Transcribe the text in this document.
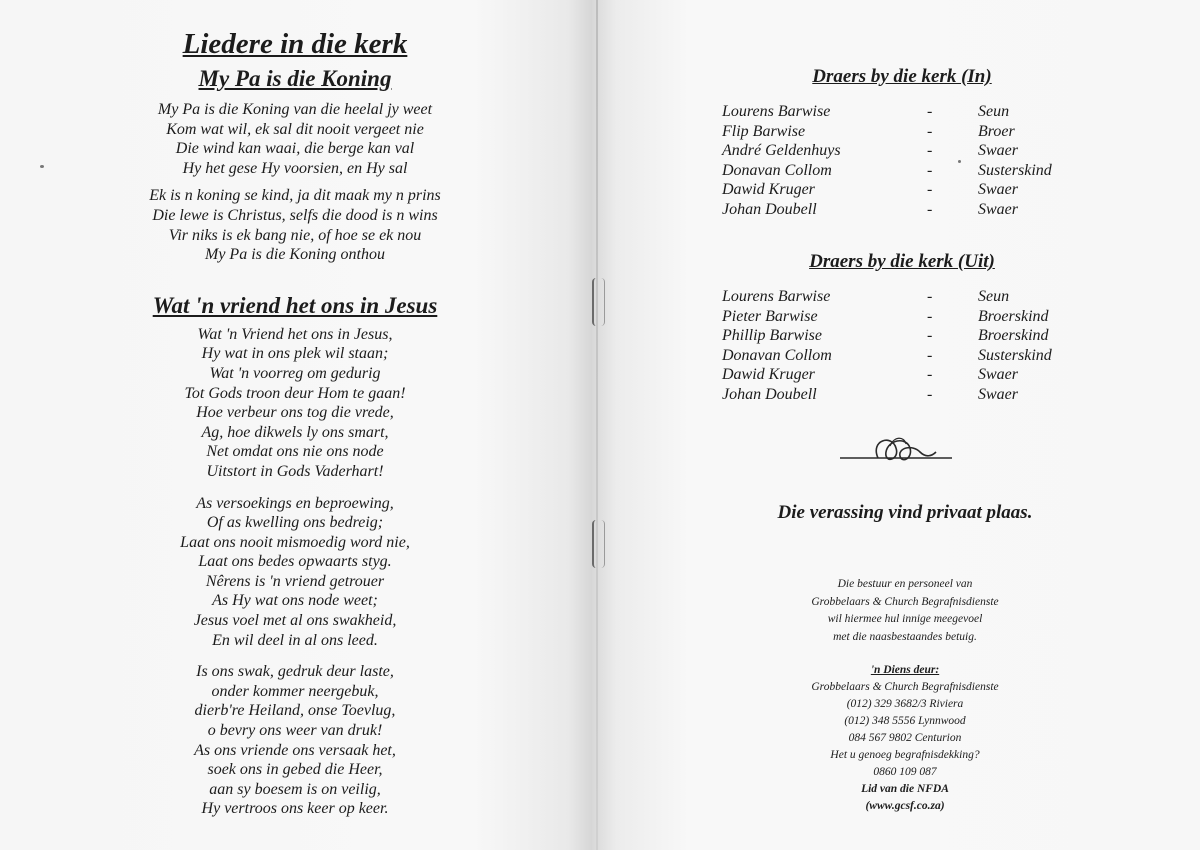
Liedere in die kerk
My Pa is die Koning
My Pa is die Koning van die heelal jy weet
Kom wat wil, ek sal dit nooit vergeet nie
Die wind kan waai, die berge kan val
Hy het gese Hy voorsien, en Hy sal
Ek is n koning se kind, ja dit maak my n prins
Die lewe is Christus, selfs die dood is n wins
Vir niks is ek bang nie, of hoe se ek nou
My Pa is die Koning onthou
Wat 'n vriend het ons in Jesus
Wat 'n Vriend het ons in Jesus,
Hy wat in ons plek wil staan;
Wat 'n voorreg om gedurig
Tot Gods troon deur Hom te gaan!
Hoe verbeur ons tog die vrede,
Ag, hoe dikwels ly ons smart,
Net omdat ons nie ons node
Uitstort in Gods Vaderhart!
As versoekings en beproewing,
Of as kwelling ons bedreig;
Laat ons nooit mismoedig word nie,
Laat ons bedes opwaarts styg.
Nêrens is 'n vriend getrouer
As Hy wat ons node weet;
Jesus voel met al ons swakheid,
En wil deel in al ons leed.
Is ons swak, gedruk deur laste,
onder kommer neergebuk,
dierb're Heiland, onse Toevlug,
o bevry ons weer van druk!
As ons vriende ons versaak het,
soek ons in gebed die Heer,
aan sy boesem is on veilig,
Hy vertroos ons keer op keer.
Draers by die kerk (In)
Lourens Barwise	-	Seun
Flip Barwise	-	Broer
André Geldenhuys	-	Swaer
Donavan Collom	-	Susterskind
Dawid Kruger	-	Swaer
Johan Doubell	-	Swaer
Draers by die kerk (Uit)
Lourens Barwise	-	Seun
Pieter Barwise	-	Broerskind
Phillip Barwise	-	Broerskind
Donavan Collom	-	Susterskind
Dawid Kruger	-	Swaer
Johan Doubell	-	Swaer
Die verassing vind privaat plaas.
Die bestuur en personeel van
Grobbelaars & Church Begrafnisdienste
wil hiermee hul innige meegevoel
met die naasbestaandes betuig.
'n Diens deur:
Grobbelaars & Church Begrafnisdienste
(012) 329 3682/3 Riviera
(012) 348 5556 Lynnwood
084 567 9802 Centurion
Het u genoeg begrafnisdekking?
0860 109 087
Lid van die NFDA
(www.gcsf.co.za)
